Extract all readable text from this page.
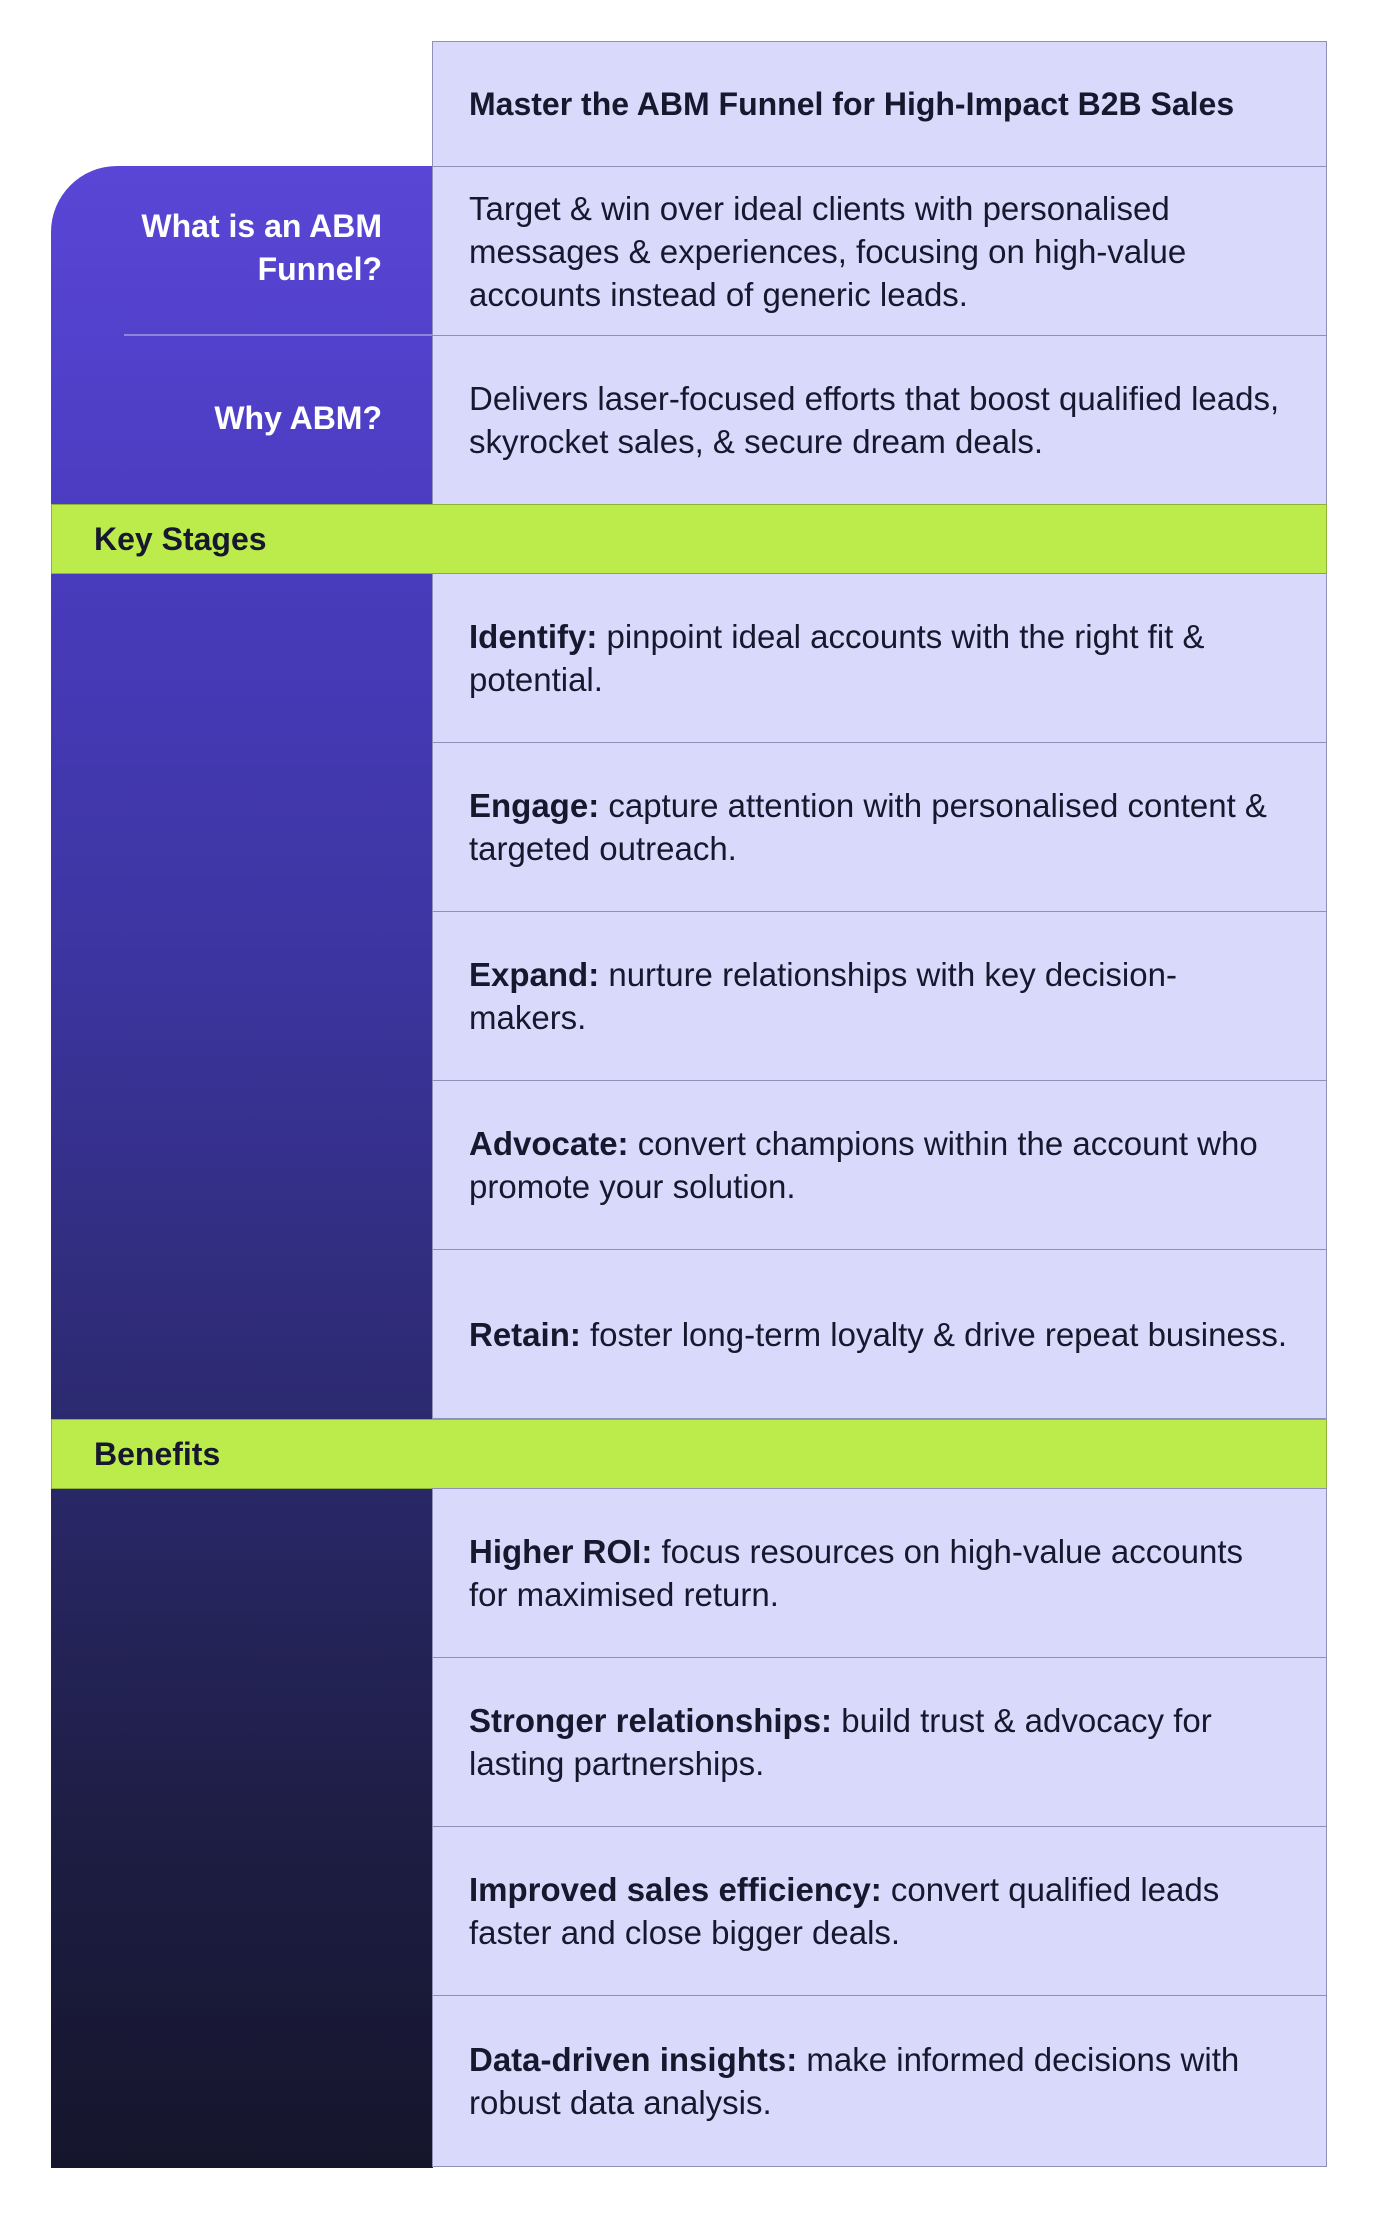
Master the ABM Funnel for High-Impact B2B Sales
What is an ABM Funnel?
Target & win over ideal clients with personalised messages & experiences, focusing on high-value accounts instead of generic leads.
Why ABM?
Delivers laser-focused efforts that boost qualified leads, skyrocket sales, & secure dream deals.
Key Stages
Identify: pinpoint ideal accounts with the right fit & potential.
Engage: capture attention with personalised content & targeted outreach.
Expand: nurture relationships with key decision-makers.
Advocate: convert champions within the account who promote your solution.
Retain: foster long-term loyalty & drive repeat business.
Benefits
Higher ROI: focus resources on high-value accounts for maximised return.
Stronger relationships: build trust & advocacy for lasting partnerships.
Improved sales efficiency: convert qualified leads faster and close bigger deals.
Data-driven insights: make informed decisions with robust data analysis.
